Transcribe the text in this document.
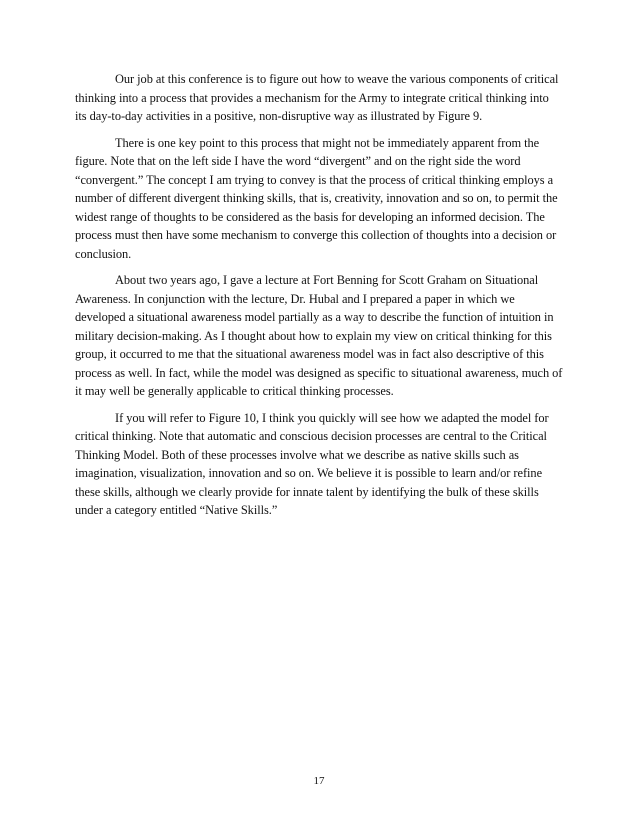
Our job at this conference is to figure out how to weave the various components of critical thinking into a process that provides a mechanism for the Army to integrate critical thinking into its day-to-day activities in a positive, non-disruptive way as illustrated by Figure 9.

There is one key point to this process that might not be immediately apparent from the figure. Note that on the left side I have the word “divergent” and on the right side the word “convergent.” The concept I am trying to convey is that the process of critical thinking employs a number of different divergent thinking skills, that is, creativity, innovation and so on, to permit the widest range of thoughts to be considered as the basis for developing an informed decision. The process must then have some mechanism to converge this collection of thoughts into a decision or conclusion.

About two years ago, I gave a lecture at Fort Benning for Scott Graham on Situational Awareness. In conjunction with the lecture, Dr. Hubal and I prepared a paper in which we developed a situational awareness model partially as a way to describe the function of intuition in military decision-making. As I thought about how to explain my view on critical thinking for this group, it occurred to me that the situational awareness model was in fact also descriptive of this process as well. In fact, while the model was designed as specific to situational awareness, much of it may well be generally applicable to critical thinking processes.

If you will refer to Figure 10, I think you quickly will see how we adapted the model for critical thinking. Note that automatic and conscious decision processes are central to the Critical Thinking Model. Both of these processes involve what we describe as native skills such as imagination, visualization, innovation and so on. We believe it is possible to learn and/or refine these skills, although we clearly provide for innate talent by identifying the bulk of these skills under a category entitled “Native Skills.”

17
